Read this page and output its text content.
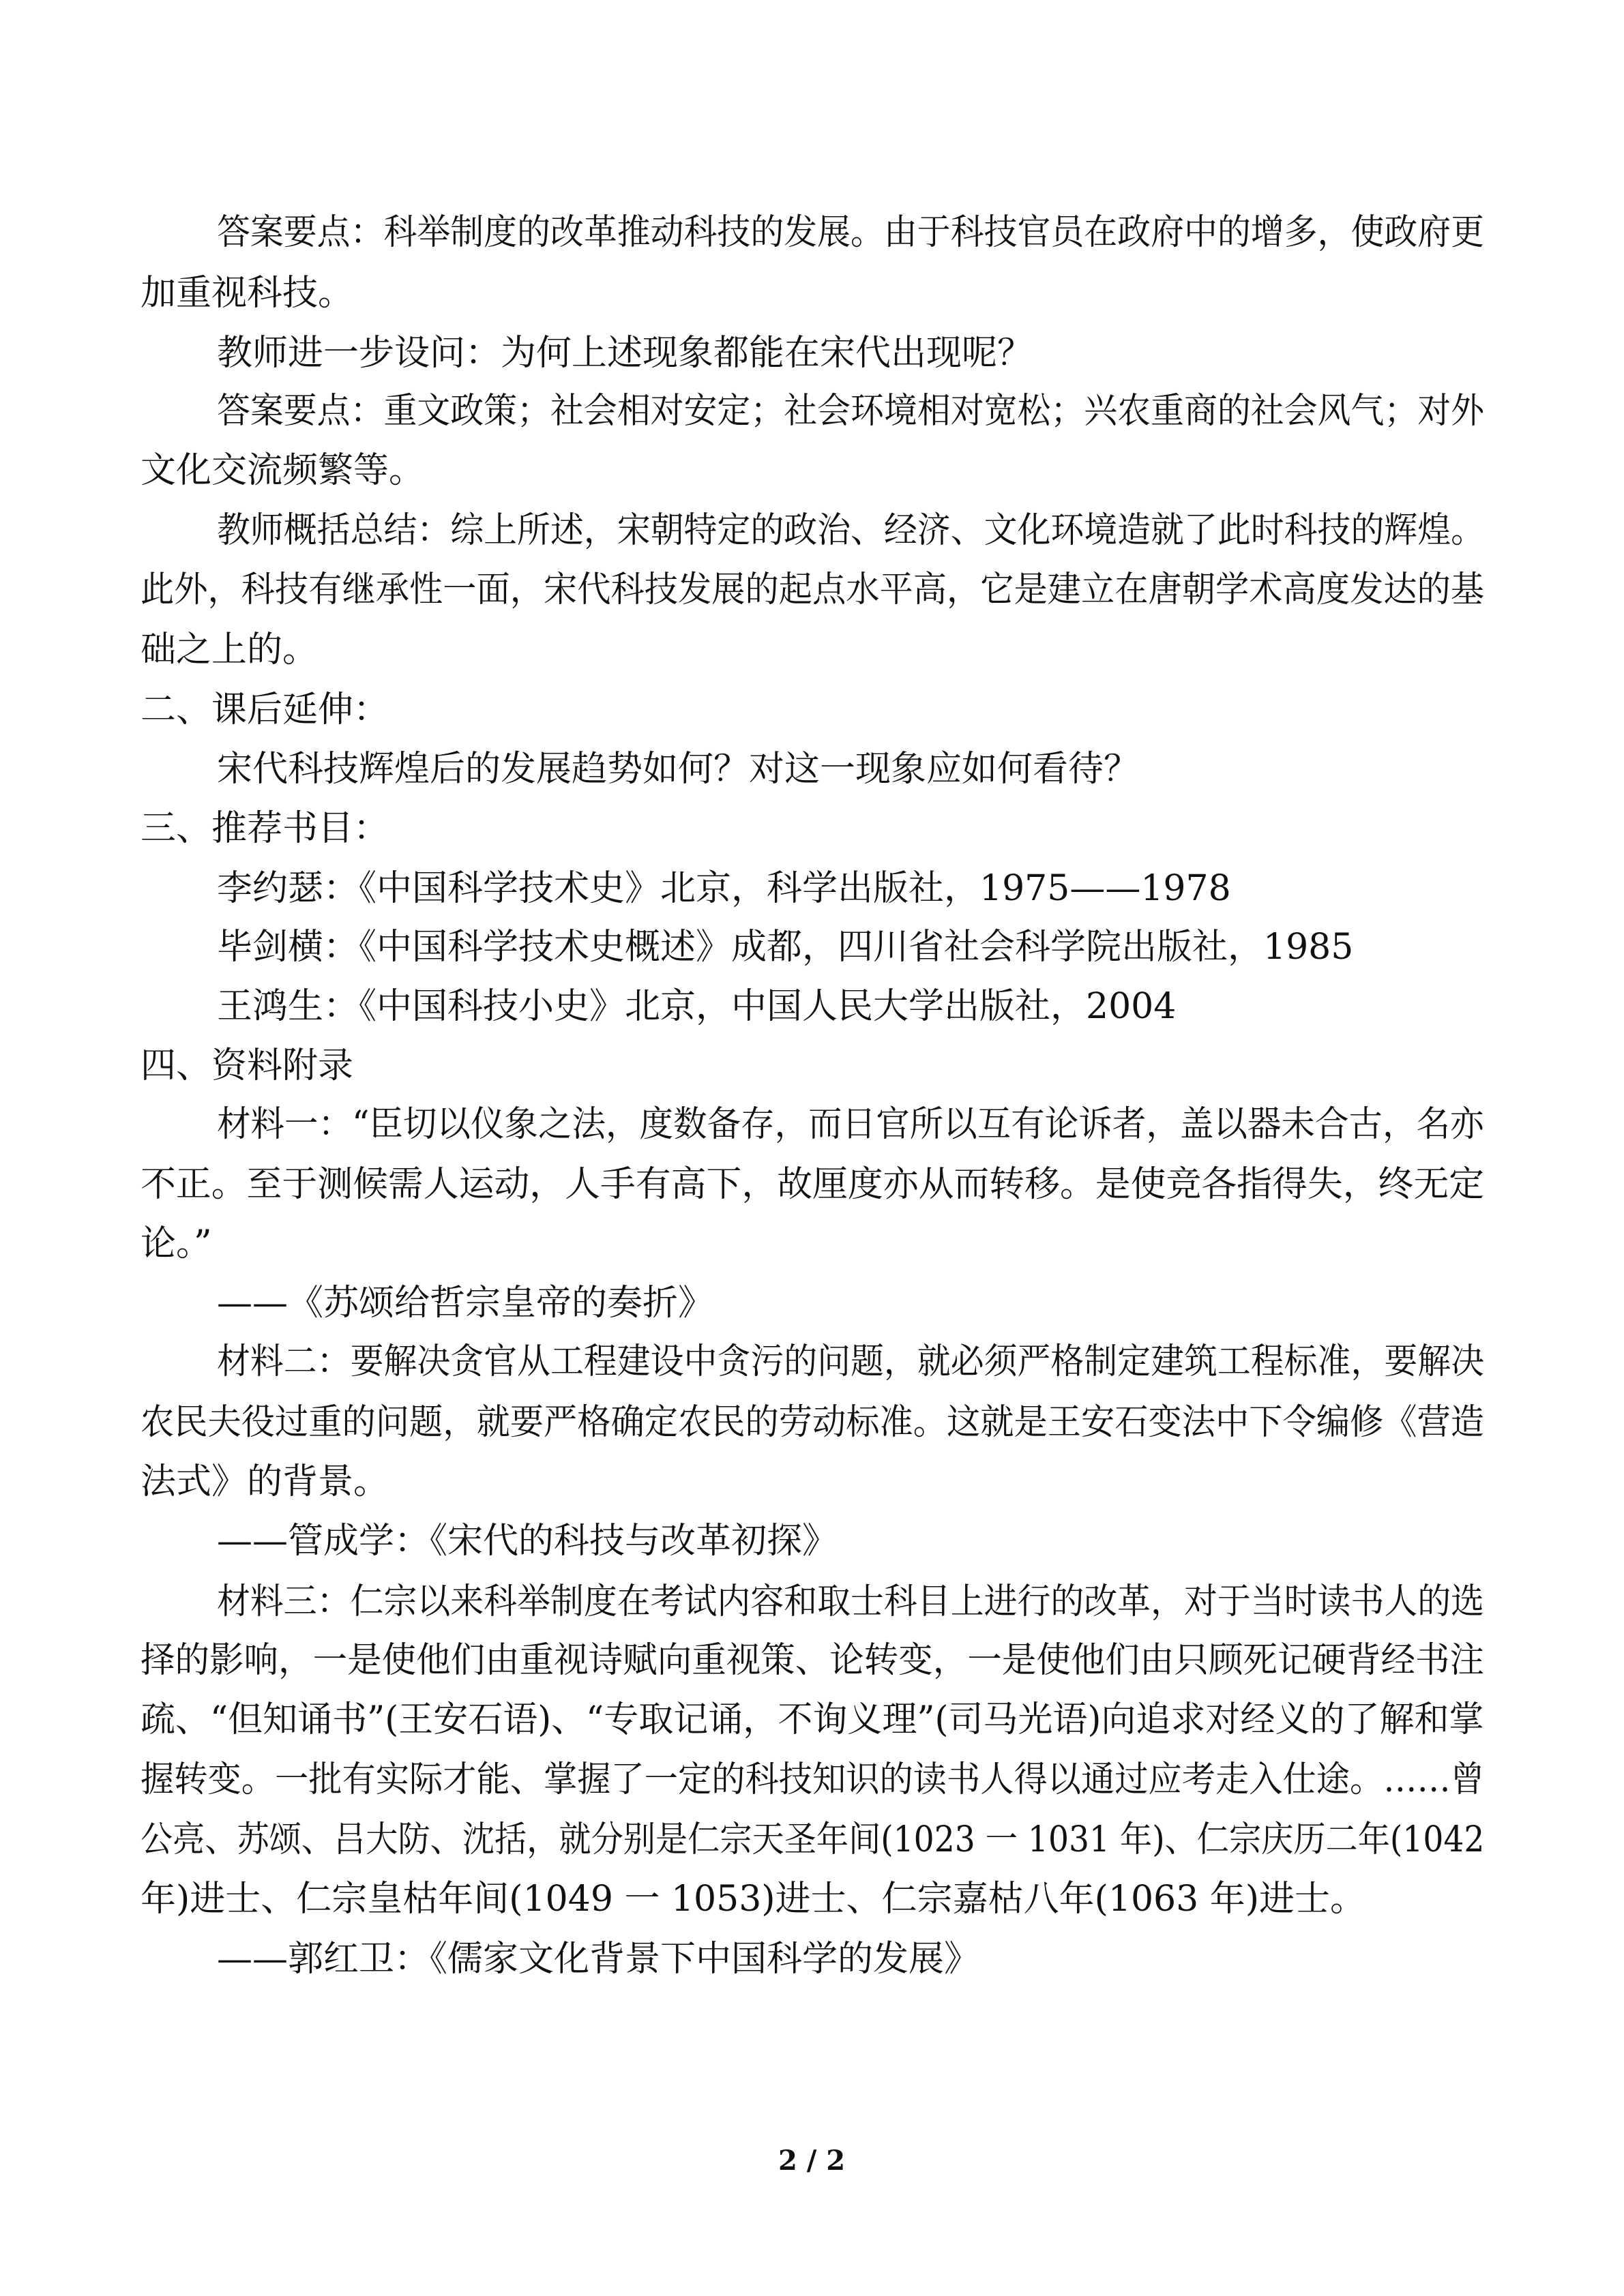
答案要点：科举制度的改革推动科技的发展。由于科技官员在政府中的增多，使政府更
加重视科技。
教师进一步设问：为何上述现象都能在宋代出现呢？
答案要点：重文政策；社会相对安定；社会环境相对宽松；兴农重商的社会风气；对外
文化交流频繁等。
教师概括总结：综上所述，宋朝特定的政治、经济、文化环境造就了此时科技的辉煌。
此外，科技有继承性一面，宋代科技发展的起点水平高，它是建立在唐朝学术高度发达的基
础之上的。
二、课后延伸：
宋代科技辉煌后的发展趋势如何？对这一现象应如何看待？
三、推荐书目：
李约瑟：《中国科学技术史》北京，科学出版社，1975——1978
毕剑横：《中国科学技术史概述》成都，四川省社会科学院出版社，1985
王鸿生：《中国科技小史》北京，中国人民大学出版社，2004
四、资料附录
材料一：“臣切以仪象之法，度数备存，而日官所以互有论诉者，盖以器未合古，名亦
不正。至于测候需人运动，人手有高下，故厘度亦从而转移。是使竞各指得失，终无定
论。”
——《苏颂给哲宗皇帝的奏折》
材料二：要解决贪官从工程建设中贪污的问题，就必须严格制定建筑工程标准，要解决
农民夫役过重的问题，就要严格确定农民的劳动标准。这就是王安石变法中下令编修《营造
法式》的背景。
——管成学：《宋代的科技与改革初探》
材料三：仁宗以来科举制度在考试内容和取士科目上进行的改革，对于当时读书人的选
择的影响，一是使他们由重视诗赋向重视策、论转变，一是使他们由只顾死记硬背经书注
疏、“但知诵书”(王安石语)、“专取记诵，不询义理”(司马光语)向追求对经义的了解和掌
握转变。一批有实际才能、掌握了一定的科技知识的读书人得以通过应考走入仕途。……曾
公亮、苏颂、吕大防、沈括，就分别是仁宗天圣年间(1023 一 1031 年)、仁宗庆历二年(1042
年)进士、仁宗皇枯年间(1049 一 1053)进士、仁宗嘉枯八年(1063 年)进士。
——郭红卫：《儒家文化背景下中国科学的发展》
2 / 2
